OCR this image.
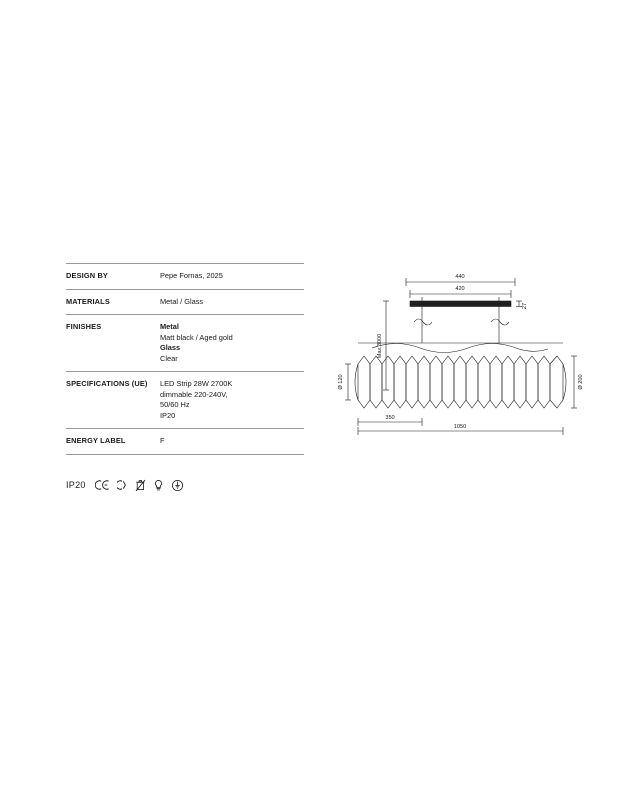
DESIGN BY	Pepe Fornas, 2025

MATERIALS	Metal / Glass

FINISHES	Metal
Matt black / Aged gold
Glass
Clear

SPECIFICATIONS (UE)	LED Strip 28W 2700K
dimmable 220-240V,
50/60 Hz
IP20

ENERGY LABEL	F
IP20
440
420
27
Max.3000
Ø 120	Ø 200
350
1050
